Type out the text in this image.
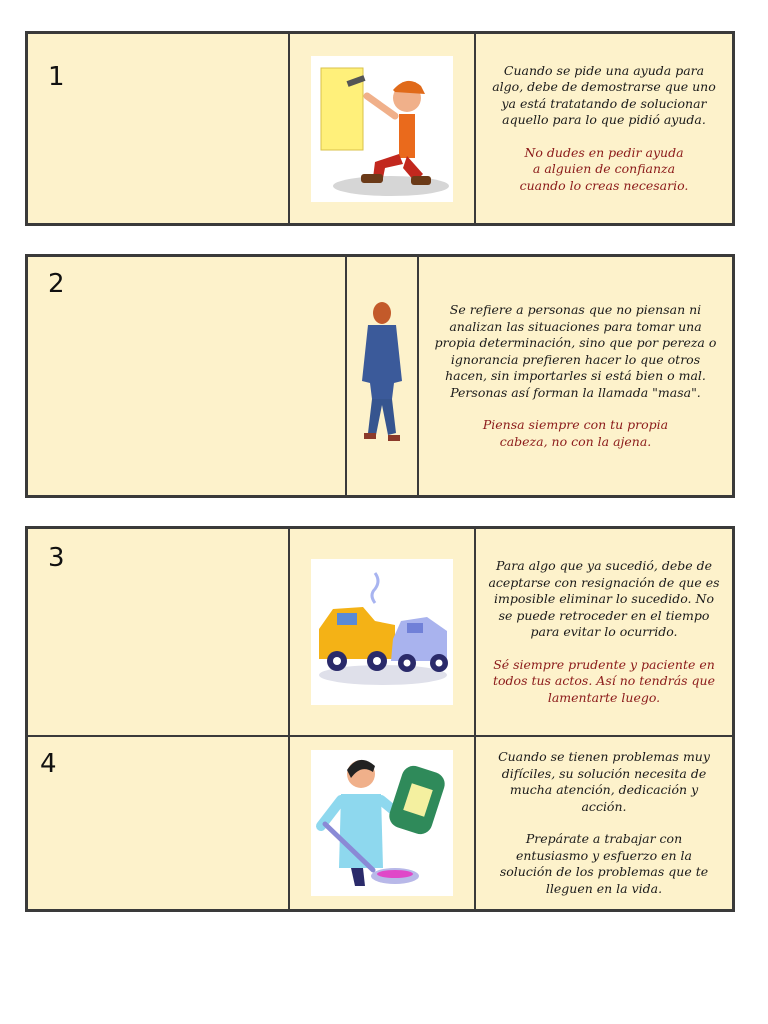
1	Cuando se pide una ayuda para algo, debe de demostrarse que uno ya está tratatando de solucionar aquello para lo que pidió ayuda.

No dudes en pedir ayuda
a alguien de confianza
cuando lo creas necesario.

2

Se refiere a personas que no piensan ni analizan las situaciones para tomar una propia determinación, sino que por pereza o ignorancia prefieren hacer lo que otros hacen, sin importarles si está bien o mal. Personas así forman la llamada "masa".

Piensa siempre con tu propia
cabeza, no con la ajena.

3	Para algo que ya sucedió, debe de aceptarse con resignación de que es imposible eliminar lo sucedido. No se puede retroceder en el tiempo para evitar lo ocurrido.

Sé siempre prudente y paciente en todos tus actos. Así no tendrás que lamentarte luego.

4	Cuando se tienen problemas muy difíciles, su solución necesita de mucha atención, dedicación y acción.

Prepárate a trabajar con entusiasmo y esfuerzo en la solución de los problemas que te lleguen en la vida.
